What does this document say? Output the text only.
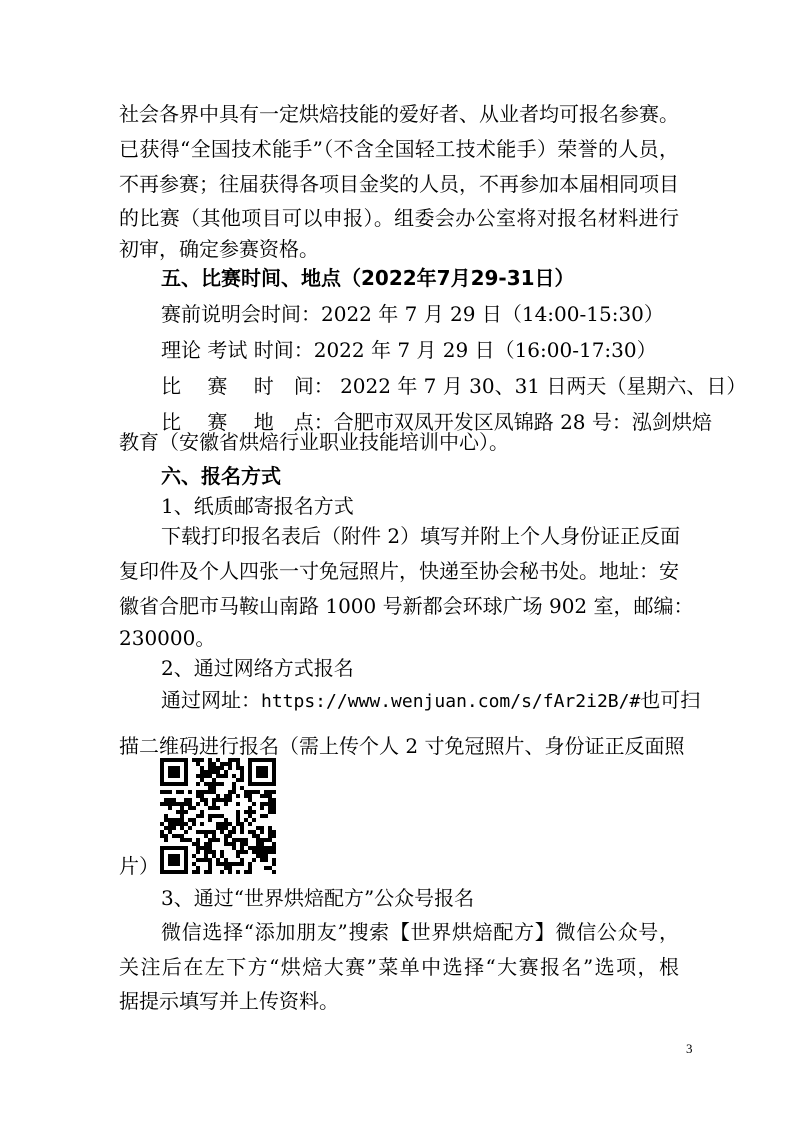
社会各界中具有一定烘焙技能的爱好者、从业者均可报名参赛。
已获得“全国技术能手”（不含全国轻工技术能手）荣誉的人员，
不再参赛；往届获得各项目金奖的人员，不再参加本届相同项目
的比赛（其他项目可以申报）。组委会办公室将对报名材料进行
初审，确定参赛资格。
五、比赛时间、地点（2022年7月29-31日）
赛前说明会时间：2022 年 7 月 29 日（14:00-15:30）
理论 考试 时间：2022 年 7 月 29 日（16:00-17:30）
比　 赛　 时　间： 2022 年 7 月 30、31 日两天（星期六、日）
比　 赛　 地　点：合肥市双凤开发区凤锦路 28 号：泓剑烘焙
教育（安徽省烘焙行业职业技能培训中心）。
六、报名方式
1、纸质邮寄报名方式
下载打印报名表后（附件 2）填写并附上个人身份证正反面
复印件及个人四张一寸免冠照片，快递至协会秘书处。地址：安
徽省合肥市马鞍山南路 1000 号新都会环球广场 902 室，邮编：
230000。
2、通过网络方式报名
通过网址：https://www.wenjuan.com/s/fAr2i2B/#也可扫
描二维码进行报名（需上传个人 2 寸免冠照片、身份证正反面照
片）
3、通过“世界烘焙配方”公众号报名
微信选择“添加朋友”搜索【世界烘焙配方】微信公众号，
关注后在左下方“烘焙大赛”菜单中选择“大赛报名”选项，根
据提示填写并上传资料。
3
